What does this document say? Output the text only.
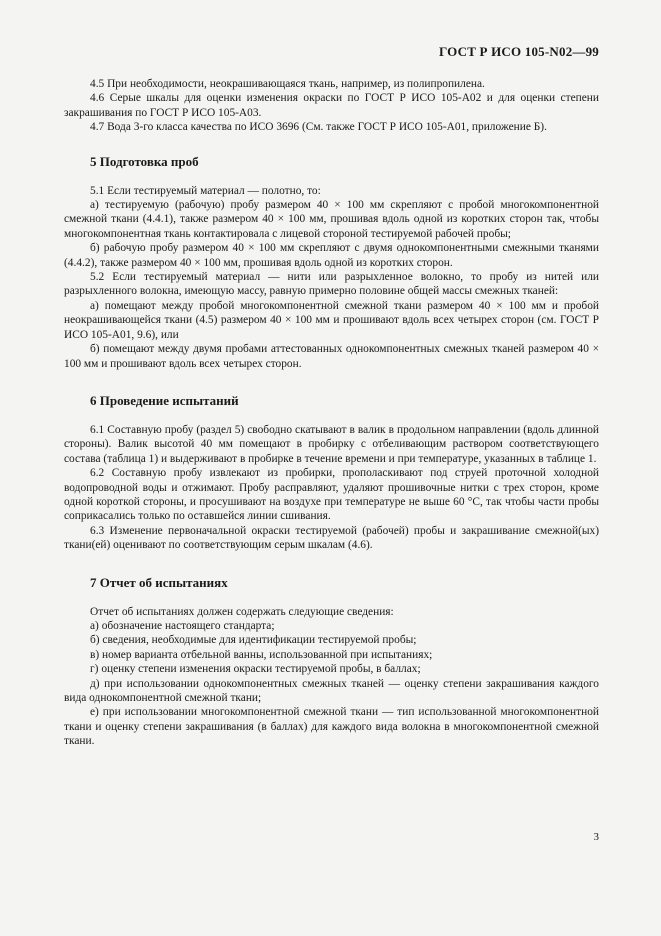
ГОСТ Р ИСО 105-N02—99

4.5 При необходимости, неокрашивающаяся ткань, например, из полипропилена.

4.6 Серые шкалы для оценки изменения окраски по ГОСТ Р ИСО 105-А02 и для оценки степени закрашивания по ГОСТ Р ИСО 105-А03.

4.7 Вода 3-го класса качества по ИСО 3696 (См. также ГОСТ Р ИСО 105-А01, приложение Б).

5 Подготовка проб

5.1 Если тестируемый материал — полотно, то:

а) тестируемую (рабочую) пробу размером 40 × 100 мм скрепляют с пробой многокомпонентной смежной ткани (4.4.1), также размером 40 × 100 мм, прошивая вдоль одной из коротких сторон так, чтобы многокомпонентная ткань контактировала с лицевой стороной тестируемой рабочей пробы;

б) рабочую пробу размером 40 × 100 мм скрепляют с двумя однокомпонентными смежными тканями (4.4.2), также размером 40 × 100 мм, прошивая вдоль одной из коротких сторон.

5.2 Если тестируемый материал — нити или разрыхленное волокно, то пробу из нитей или разрыхленного волокна, имеющую массу, равную примерно половине общей массы смежных тканей:

а) помещают между пробой многокомпонентной смежной ткани размером 40 × 100 мм и пробой неокрашивающейся ткани (4.5) размером 40 × 100 мм и прошивают вдоль всех четырех сторон (см. ГОСТ Р ИСО 105-А01, 9.6), или

б) помещают между двумя пробами аттестованных однокомпонентных смежных тканей размером 40 × 100 мм и прошивают вдоль всех четырех сторон.

6 Проведение испытаний

6.1 Составную пробу (раздел 5) свободно скатывают в валик в продольном направлении (вдоль длинной стороны). Валик высотой 40 мм помещают в пробирку с отбеливающим раствором соответствующего состава (таблица 1) и выдерживают в пробирке в течение времени и при температуре, указанных в таблице 1.

6.2 Составную пробу извлекают из пробирки, прополаскивают под струей проточной холодной водопроводной воды и отжимают. Пробу расправляют, удаляют прошивочные нитки с трех сторон, кроме одной короткой стороны, и просушивают на воздухе при температуре не выше 60 °С, так чтобы части пробы соприкасались только по оставшейся линии сшивания.

6.3 Изменение первоначальной окраски тестируемой (рабочей) пробы и закрашивание смежной(ых) ткани(ей) оценивают по соответствующим серым шкалам (4.6).

7 Отчет об испытаниях

Отчет об испытаниях должен содержать следующие сведения:

а) обозначение настоящего стандарта;

б) сведения, необходимые для идентификации тестируемой пробы;

в) номер варианта отбельной ванны, использованной при испытаниях;

г) оценку степени изменения окраски тестируемой пробы, в баллах;

д) при использовании однокомпонентных смежных тканей — оценку степени закрашивания каждого вида однокомпонентной смежной ткани;

е) при использовании многокомпонентной смежной ткани — тип использованной многокомпонентной ткани и оценку степени закрашивания (в баллах) для каждого вида волокна в многокомпонентной смежной ткани.

3
